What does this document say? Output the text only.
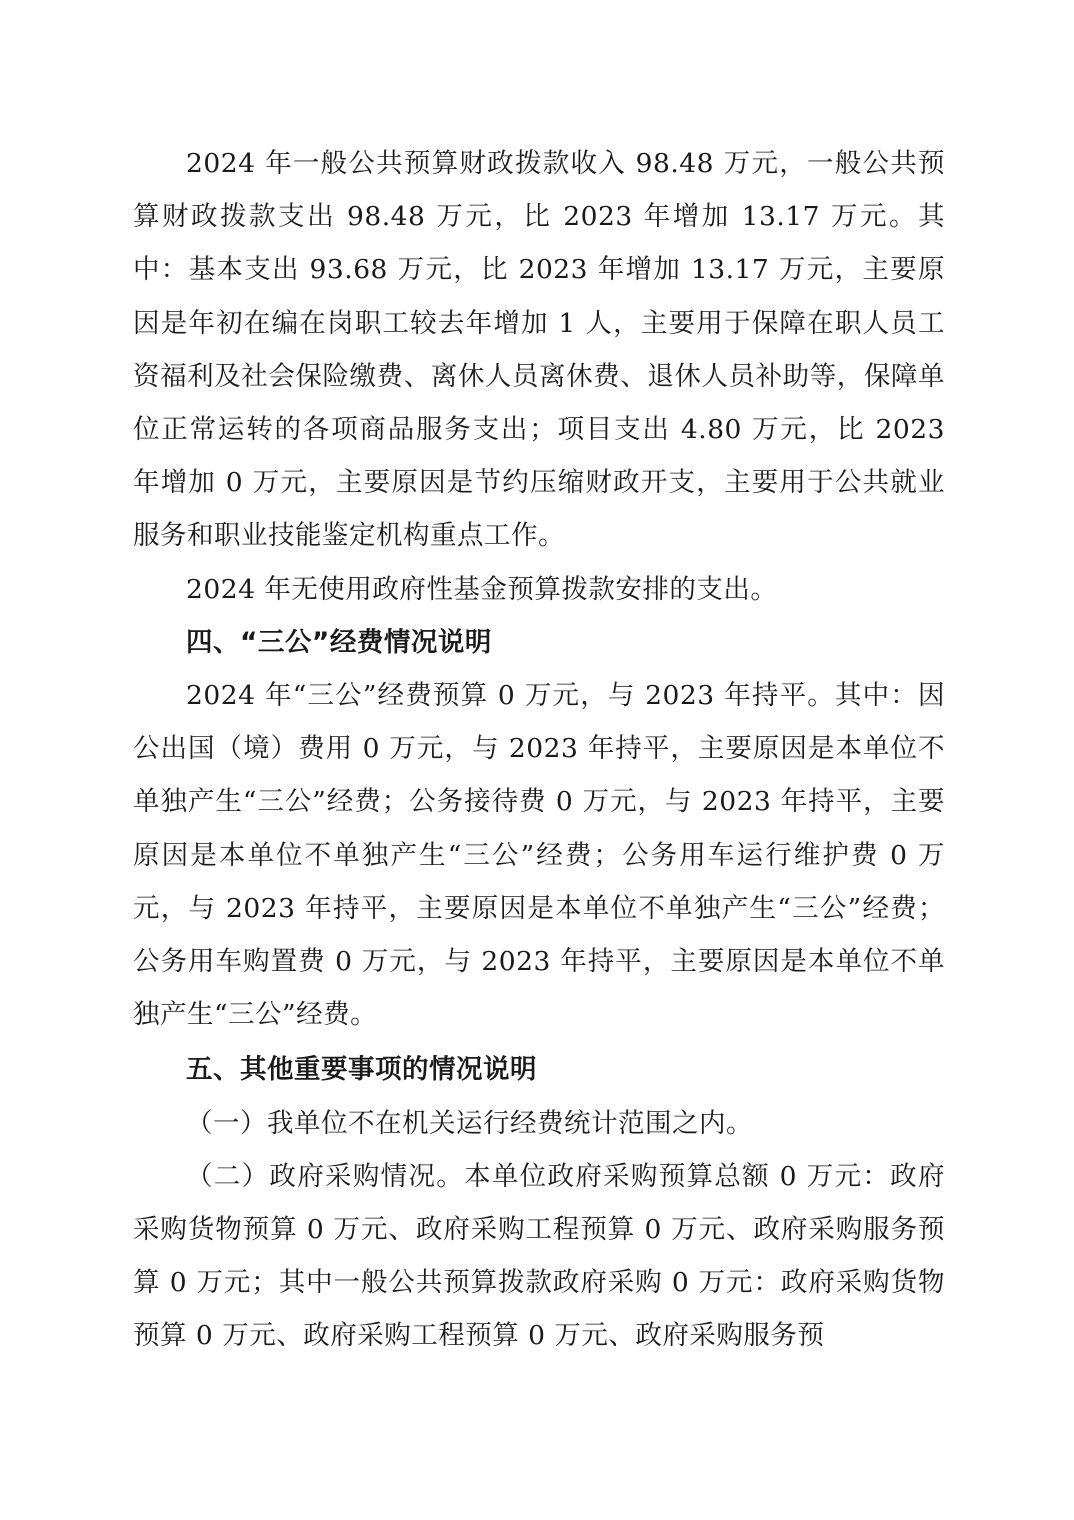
2024 年一般公共预算财政拨款收入 98.48 万元，一般公共预算财政拨款支出 98.48 万元，比 2023 年增加 13.17 万元。其中：基本支出 93.68 万元，比 2023 年增加 13.17 万元，主要原因是年初在编在岗职工较去年增加 1 人，主要用于保障在职人员工资福利及社会保险缴费、离休人员离休费、退休人员补助等，保障单位正常运转的各项商品服务支出；项目支出 4.80 万元，比 2023 年增加 0 万元，主要原因是节约压缩财政开支，主要用于公共就业服务和职业技能鉴定机构重点工作。

2024 年无使用政府性基金预算拨款安排的支出。

四、“三公”经费情况说明

2024 年“三公”经费预算 0 万元，与 2023 年持平。其中：因公出国（境）费用 0 万元，与 2023 年持平，主要原因是本单位不单独产生“三公”经费；公务接待费 0 万元，与 2023 年持平，主要原因是本单位不单独产生“三公”经费；公务用车运行维护费 0 万元，与 2023 年持平，主要原因是本单位不单独产生“三公”经费；公务用车购置费 0 万元，与 2023 年持平，主要原因是本单位不单独产生“三公”经费。

五、其他重要事项的情况说明

（一）我单位不在机关运行经费统计范围之内。

（二）政府采购情况。本单位政府采购预算总额 0 万元：政府采购货物预算 0 万元、政府采购工程预算 0 万元、政府采购服务预算 0 万元；其中一般公共预算拨款政府采购 0 万元：政府采购货物预算 0 万元、政府采购工程预算 0 万元、政府采购服务预
